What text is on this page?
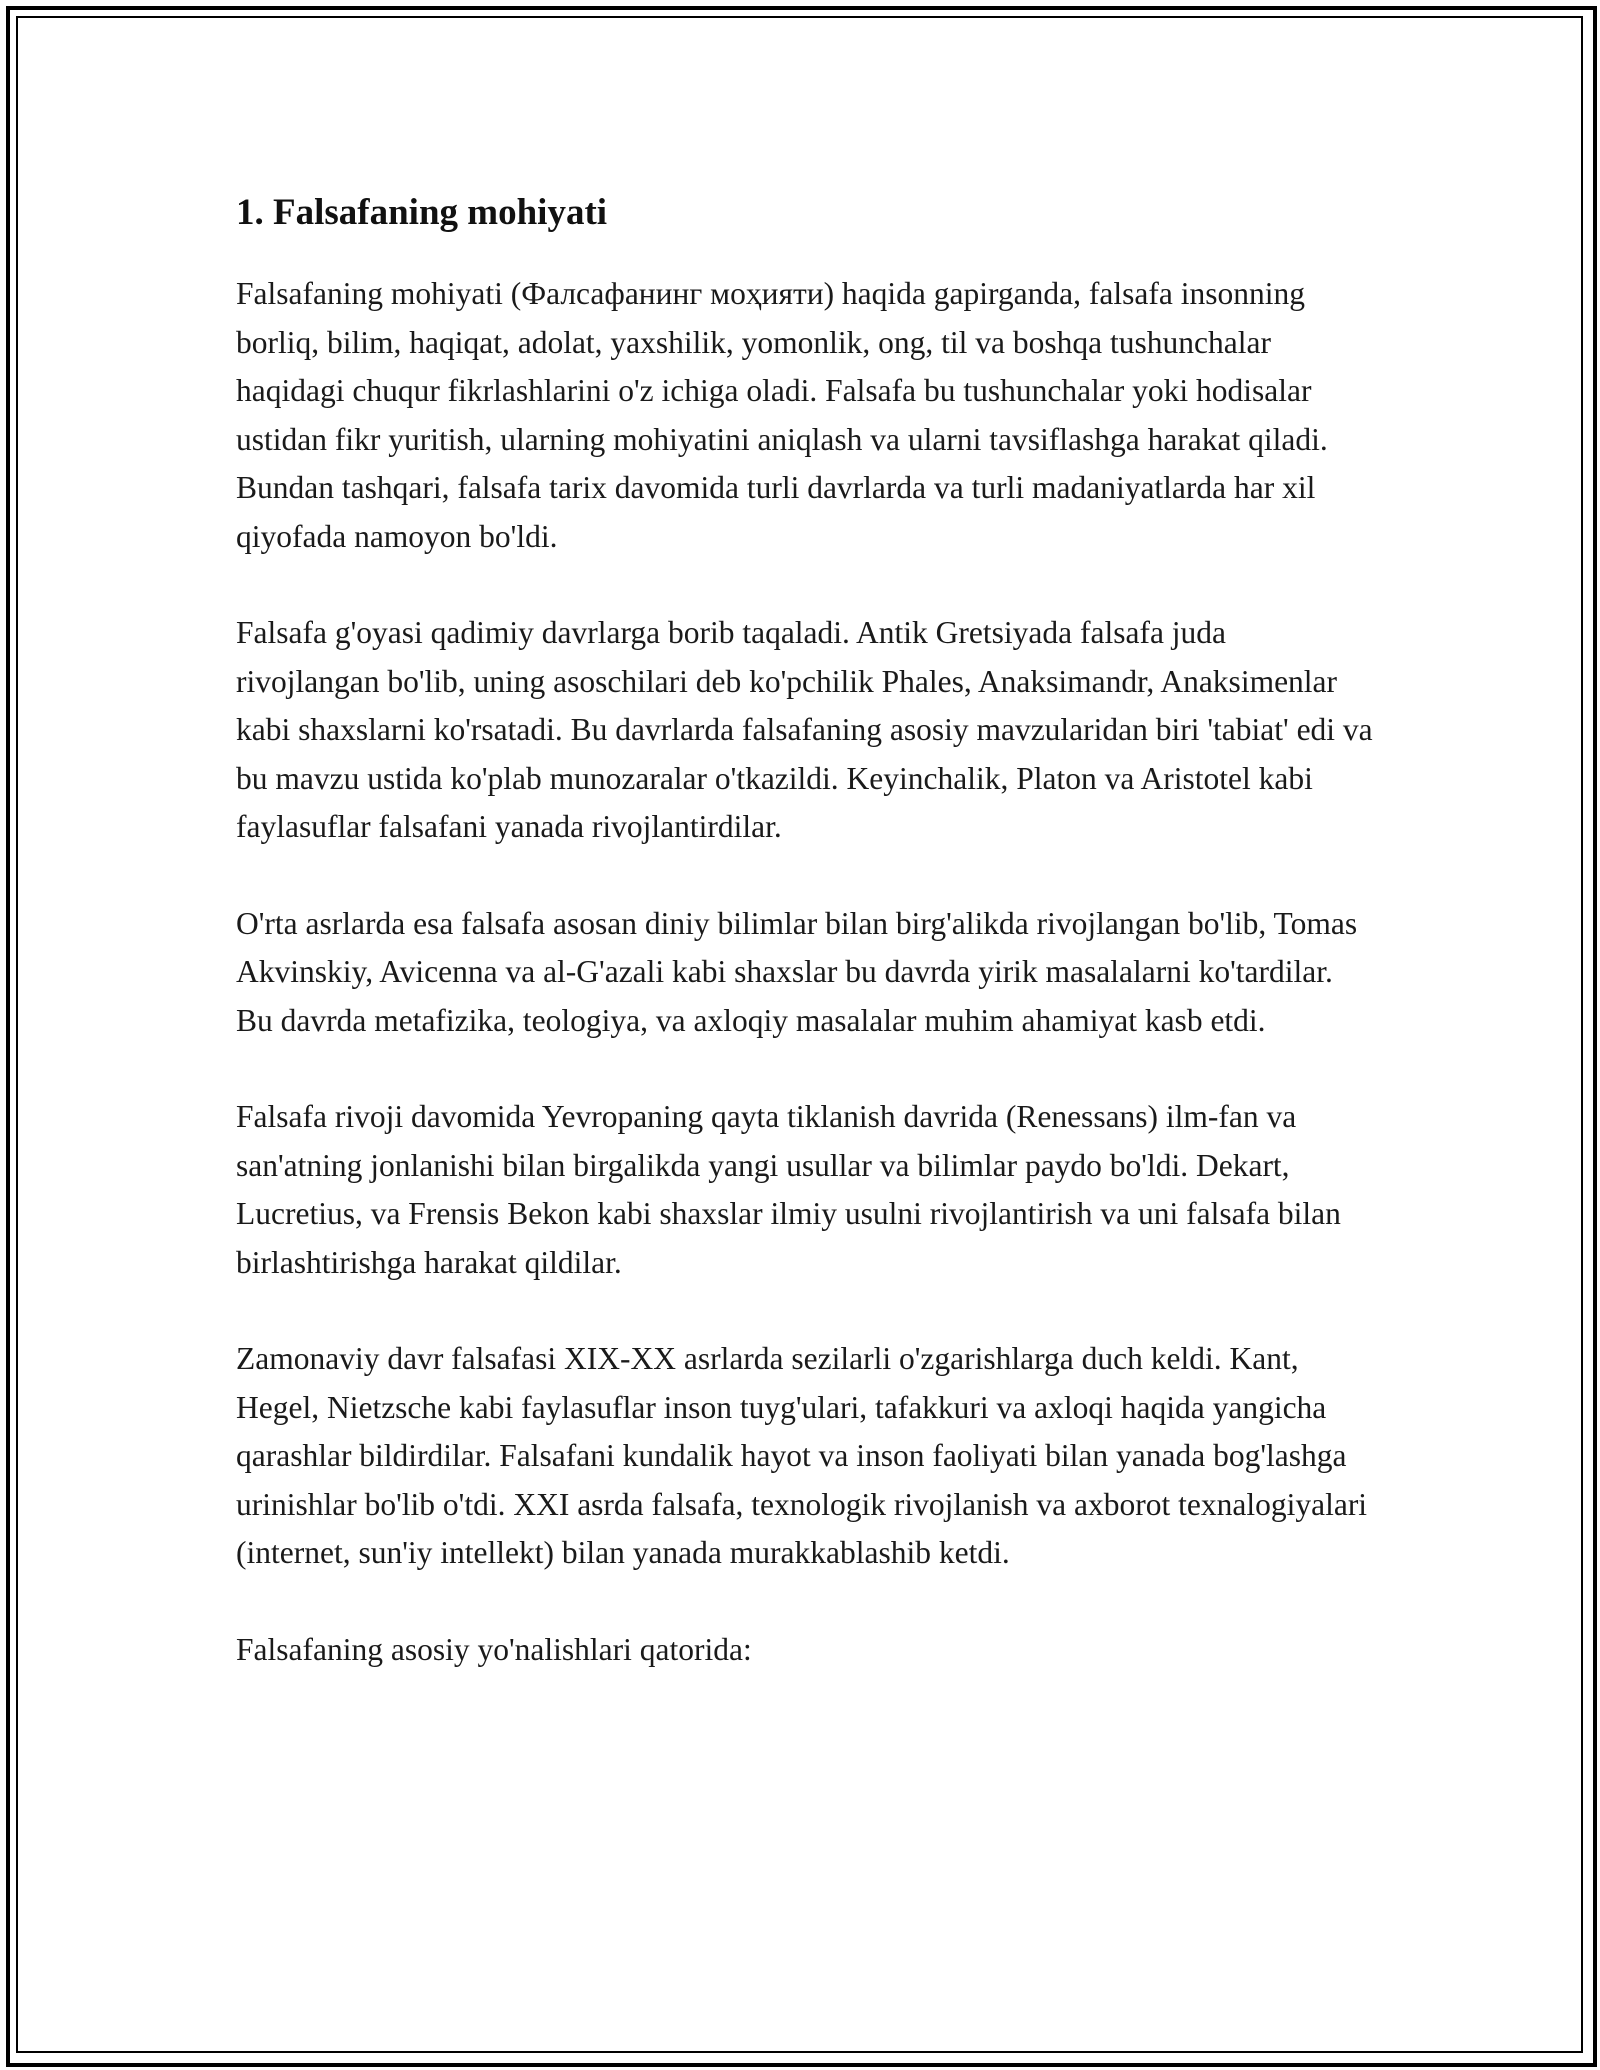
1. Falsafaning mohiyati

Falsafaning mohiyati (Фалсафанинг моҳияти) haqida gapirganda, falsafa insonning borliq, bilim, haqiqat, adolat, yaxshilik, yomonlik, ong, til va boshqa tushunchalar haqidagi chuqur fikrlashlarini o'z ichiga oladi. Falsafa bu tushunchalar yoki hodisalar ustidan fikr yuritish, ularning mohiyatini aniqlash va ularni tavsiflashga harakat qiladi. Bundan tashqari, falsafa tarix davomida turli davrlarda va turli madaniyatlarda har xil qiyofada namoyon bo'ldi.

Falsafa g'oyasi qadimiy davrlarga borib taqaladi. Antik Gretsiyada falsafa juda rivojlangan bo'lib, uning asoschilari deb ko'pchilik Phales, Anaksimandr, Anaksimenlar kabi shaxslarni ko'rsatadi. Bu davrlarda falsafaning asosiy mavzularidan biri 'tabiat' edi va bu mavzu ustida ko'plab munozaralar o'tkazildi. Keyinchalik, Platon va Aristotel kabi faylasuflar falsafani yanada rivojlantirdilar.

O'rta asrlarda esa falsafa asosan diniy bilimlar bilan birg'alikda rivojlangan bo'lib, Tomas Akvinskiy, Avicenna va al-G'azali kabi shaxslar bu davrda yirik masalalarni ko'tardilar. Bu davrda metafizika, teologiya, va axloqiy masalalar muhim ahamiyat kasb etdi.

Falsafa rivoji davomida Yevropaning qayta tiklanish davrida (Renessans) ilm-fan va san'atning jonlanishi bilan birgalikda yangi usullar va bilimlar paydo bo'ldi. Dekart, Lucretius, va Frensis Bekon kabi shaxslar ilmiy usulni rivojlantirish va uni falsafa bilan birlashtirishga harakat qildilar.

Zamonaviy davr falsafasi XIX-XX asrlarda sezilarli o'zgarishlarga duch keldi. Kant, Hegel, Nietzsche kabi faylasuflar inson tuyg'ulari, tafakkuri va axloqi haqida yangicha qarashlar bildirdilar. Falsafani kundalik hayot va inson faoliyati bilan yanada bog'lashga urinishlar bo'lib o'tdi. XXI asrda falsafa, texnologik rivojlanish va axborot texnalogiyalari (internet, sun'iy intellekt) bilan yanada murakkablashib ketdi.

Falsafaning asosiy yo'nalishlari qatorida:
